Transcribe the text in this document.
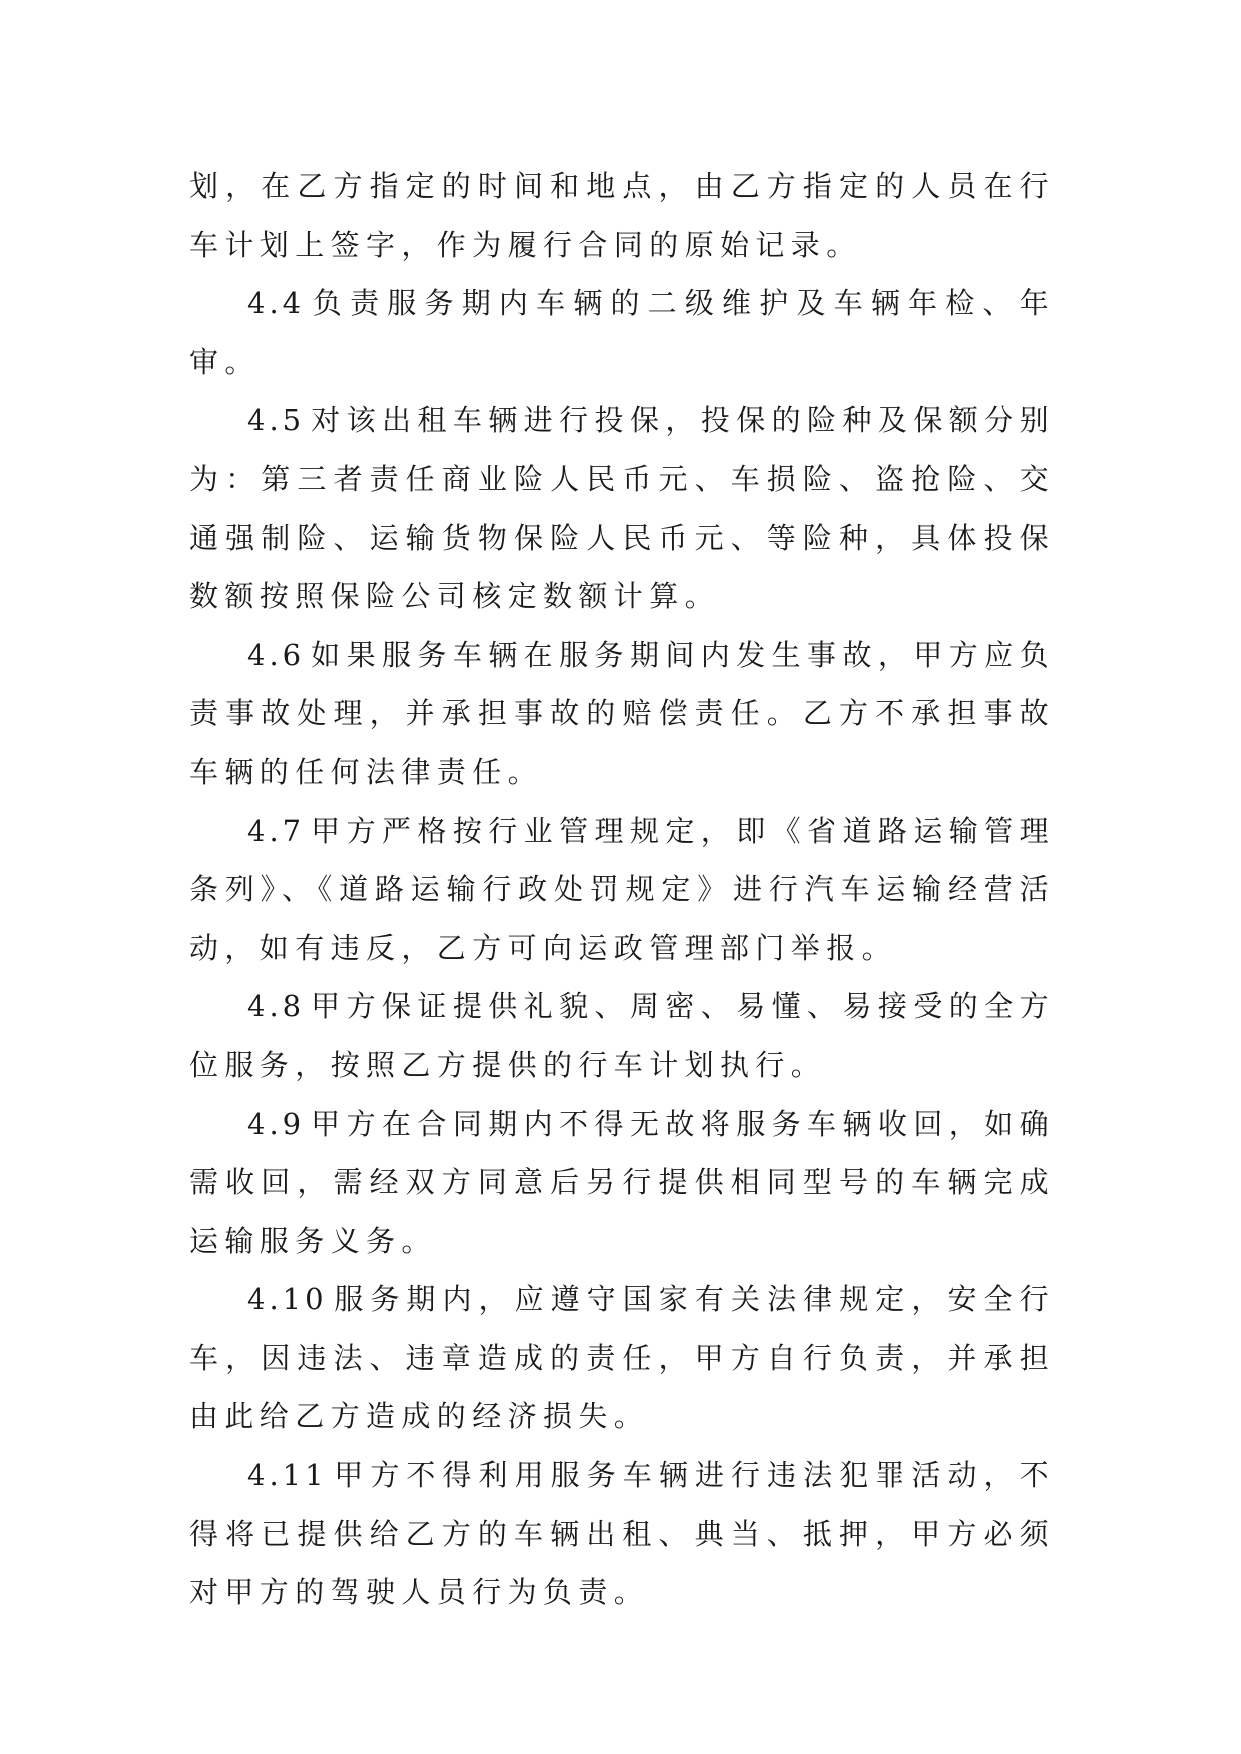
划，在乙方指定的时间和地点，由乙方指定的人员在行车计划上签字，作为履行合同的原始记录。

4.4 负责服务期内车辆的二级维护及车辆年检、年审。

4.5 对该出租车辆进行投保，投保的险种及保额分别为：第三者责任商业险人民币元、车损险、盗抢险、交通强制险、运输货物保险人民币元、等险种，具体投保数额按照保险公司核定数额计算。

4.6 如果服务车辆在服务期间内发生事故，甲方应负责事故处理，并承担事故的赔偿责任。乙方不承担事故车辆的任何法律责任。

4.7 甲方严格按行业管理规定，即《省道路运输管理条列》、《道路运输行政处罚规定》进行汽车运输经营活动，如有违反，乙方可向运政管理部门举报。

4.8 甲方保证提供礼貌、周密、易懂、易接受的全方位服务，按照乙方提供的行车计划执行。

4.9 甲方在合同期内不得无故将服务车辆收回，如确需收回，需经双方同意后另行提供相同型号的车辆完成运输服务义务。

4.10 服务期内，应遵守国家有关法律规定，安全行车，因违法、违章造成的责任，甲方自行负责，并承担由此给乙方造成的经济损失。

4.11 甲方不得利用服务车辆进行违法犯罪活动，不得将已提供给乙方的车辆出租、典当、抵押，甲方必须对甲方的驾驶人员行为负责。
